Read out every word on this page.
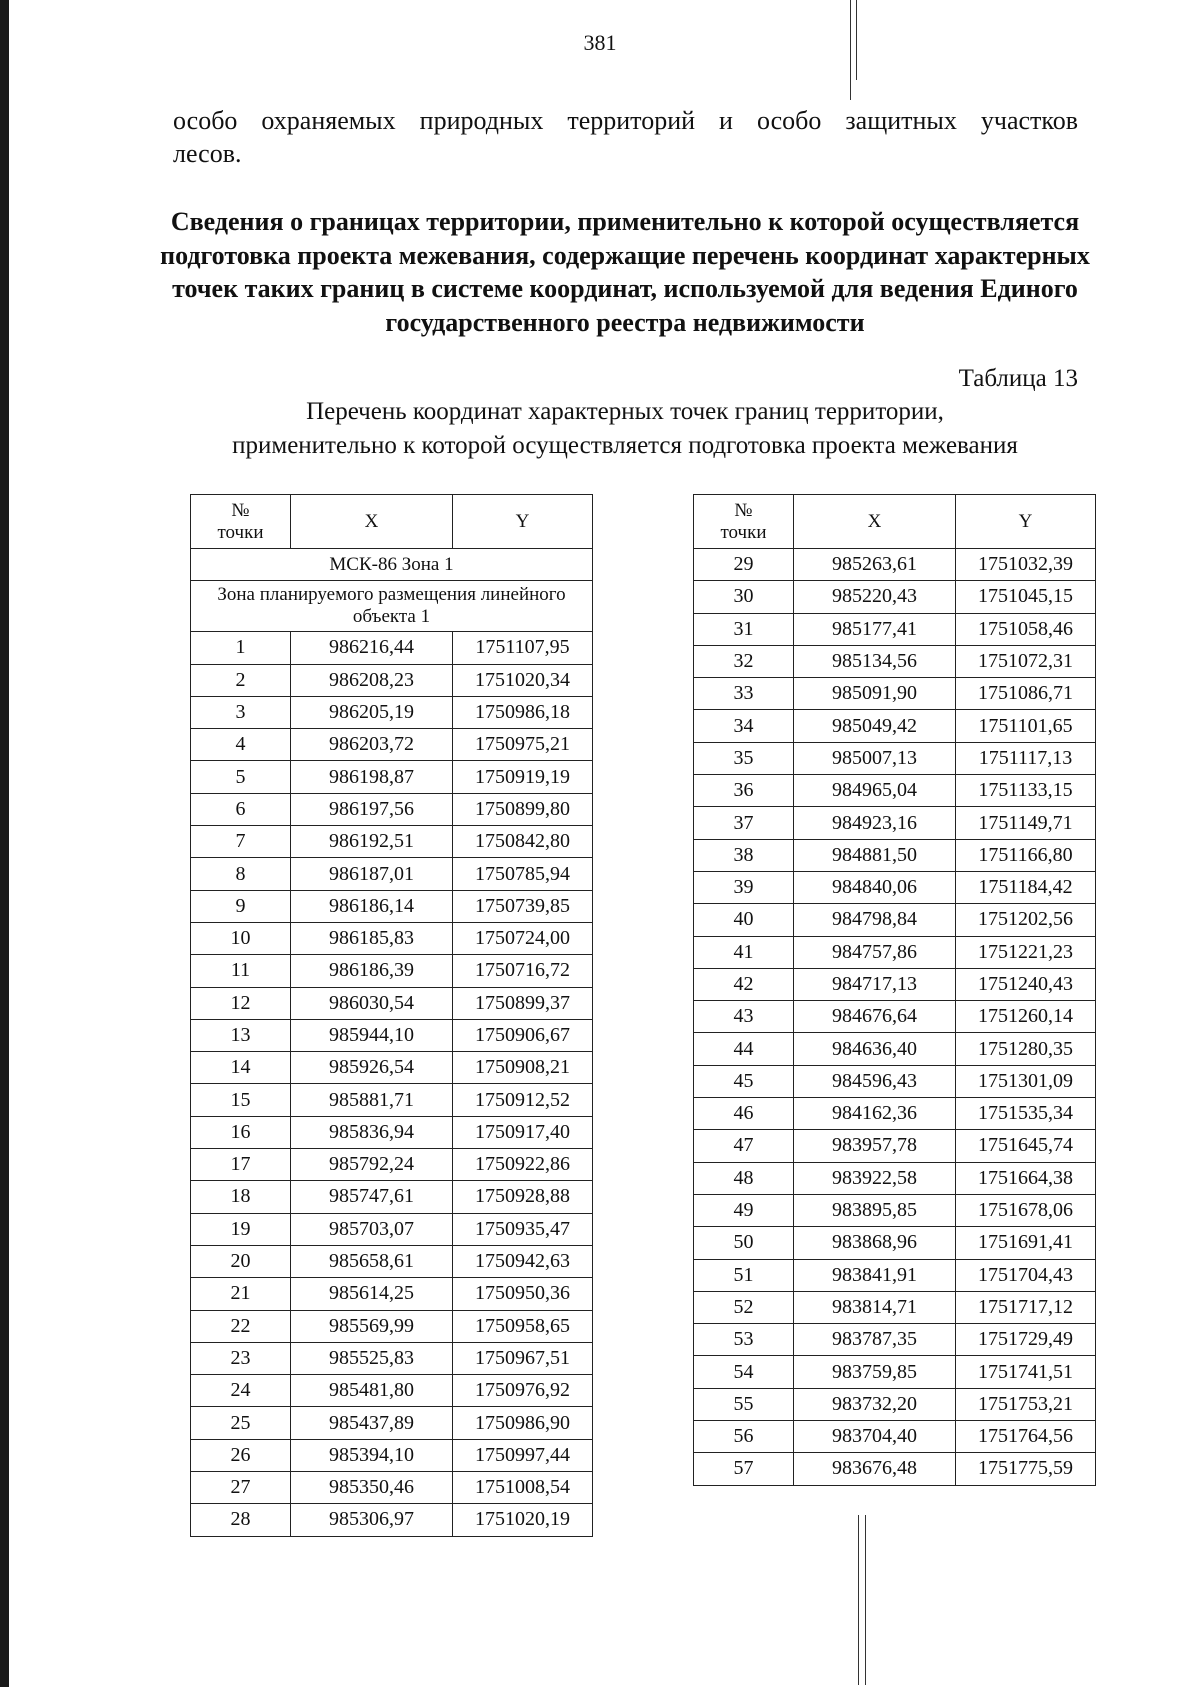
381
особо охраняемых природных территорий и особо защитных участков
лесов.
Сведения о границах территории, применительно к которой осуществляется подготовка проекта межевания, содержащие перечень координат характерных точек таких границ в системе координат, используемой для ведения Единого государственного реестра недвижимости
Таблица 13
Перечень координат характерных точек границ территории,
применительно к которой осуществляется подготовка проекта межевания
№
точки	X	Y
МСК-86 Зона 1		
Зона планируемого размещения линейного объекта 1		
1	986216,44	1751107,95
2	986208,23	1751020,34
3	986205,19	1750986,18
4	986203,72	1750975,21
5	986198,87	1750919,19
6	986197,56	1750899,80
7	986192,51	1750842,80
8	986187,01	1750785,94
9	986186,14	1750739,85
10	986185,83	1750724,00
11	986186,39	1750716,72
12	986030,54	1750899,37
13	985944,10	1750906,67
14	985926,54	1750908,21
15	985881,71	1750912,52
16	985836,94	1750917,40
17	985792,24	1750922,86
18	985747,61	1750928,88
19	985703,07	1750935,47
20	985658,61	1750942,63
21	985614,25	1750950,36
22	985569,99	1750958,65
23	985525,83	1750967,51
24	985481,80	1750976,92
25	985437,89	1750986,90
26	985394,10	1750997,44
27	985350,46	1751008,54
28	985306,97	1751020,19
№
точки	X	Y
29	985263,61	1751032,39
30	985220,43	1751045,15
31	985177,41	1751058,46
32	985134,56	1751072,31
33	985091,90	1751086,71
34	985049,42	1751101,65
35	985007,13	1751117,13
36	984965,04	1751133,15
37	984923,16	1751149,71
38	984881,50	1751166,80
39	984840,06	1751184,42
40	984798,84	1751202,56
41	984757,86	1751221,23
42	984717,13	1751240,43
43	984676,64	1751260,14
44	984636,40	1751280,35
45	984596,43	1751301,09
46	984162,36	1751535,34
47	983957,78	1751645,74
48	983922,58	1751664,38
49	983895,85	1751678,06
50	983868,96	1751691,41
51	983841,91	1751704,43
52	983814,71	1751717,12
53	983787,35	1751729,49
54	983759,85	1751741,51
55	983732,20	1751753,21
56	983704,40	1751764,56
57	983676,48	1751775,59
